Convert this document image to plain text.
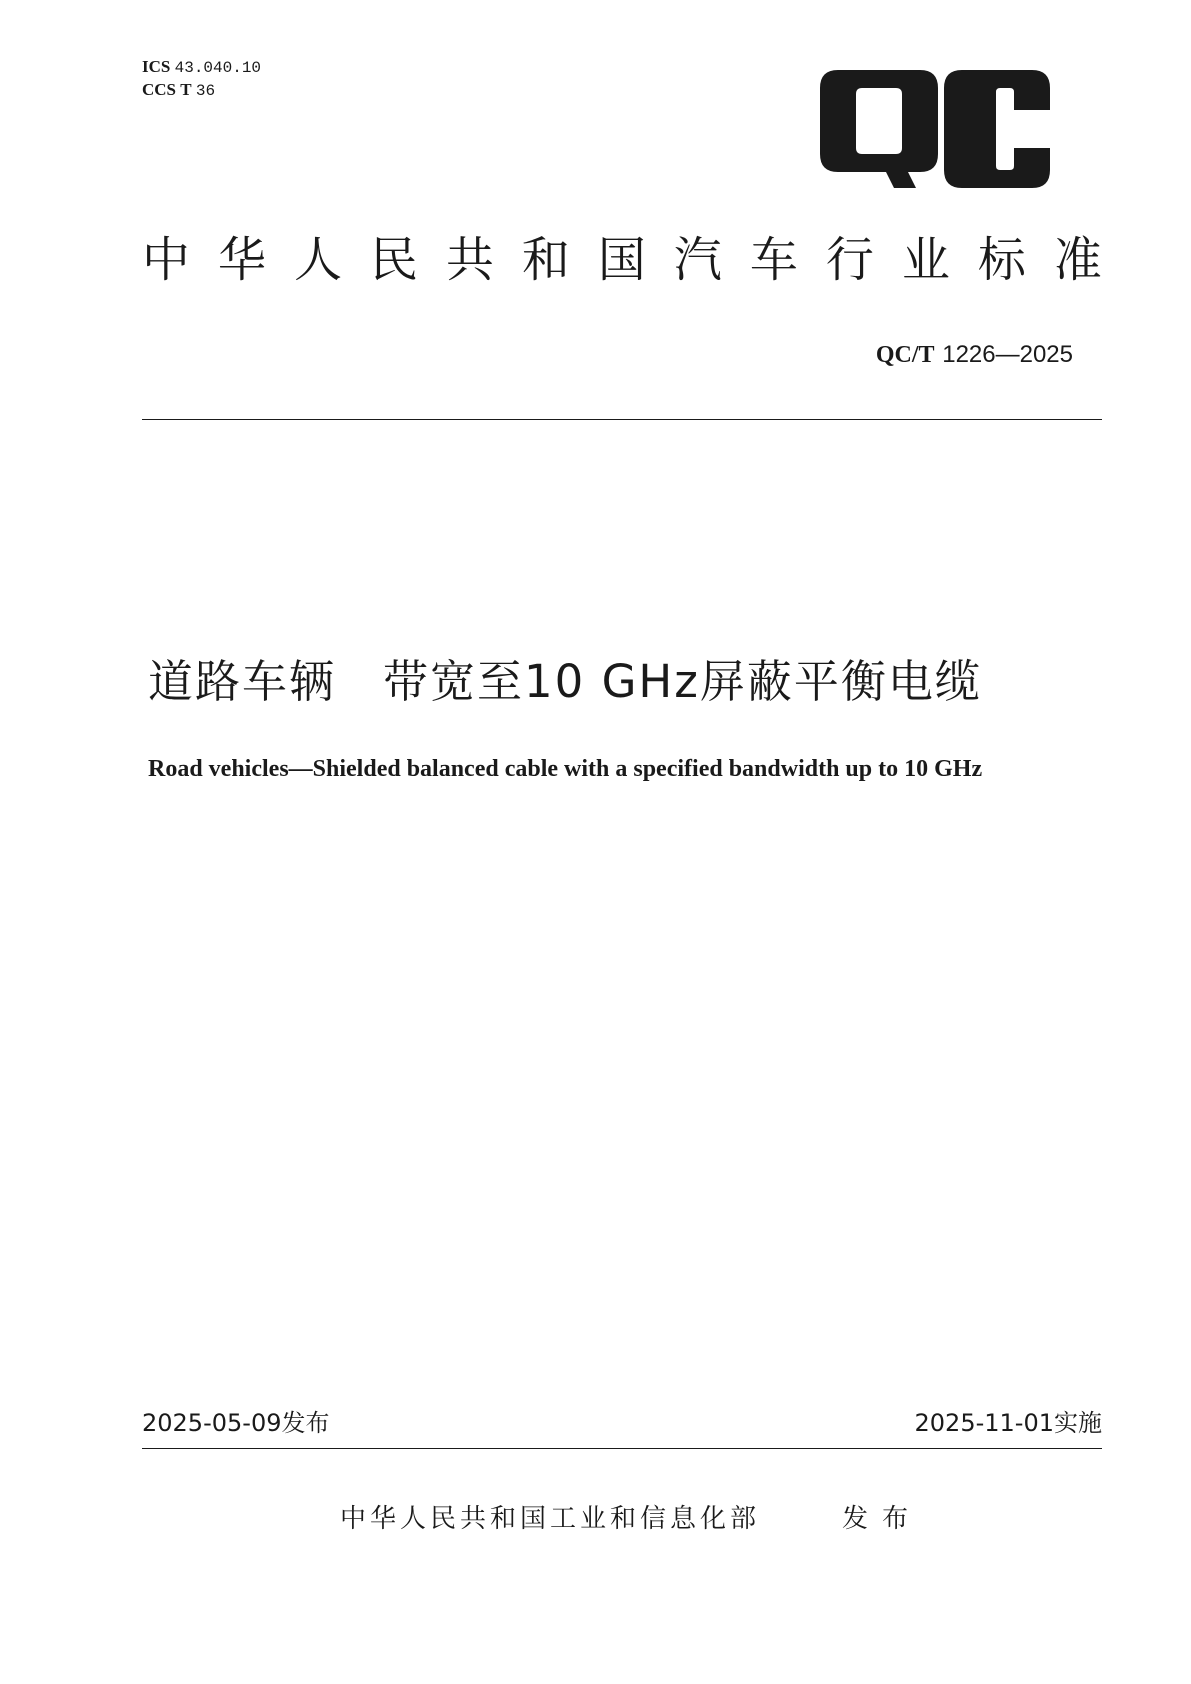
ICS 43.040.10
CCS T 36
中 华 人 民 共 和 国 汽 车 行 业 标 准
QC/T 1226—2025
道路车辆　带宽至10 GHz屏蔽平衡电缆
Road vehicles—Shielded balanced cable with a specified bandwidth up to 10 GHz
2025-05-09发布	2025-11-01实施
中华人民共和国工业和信息化部	发布
